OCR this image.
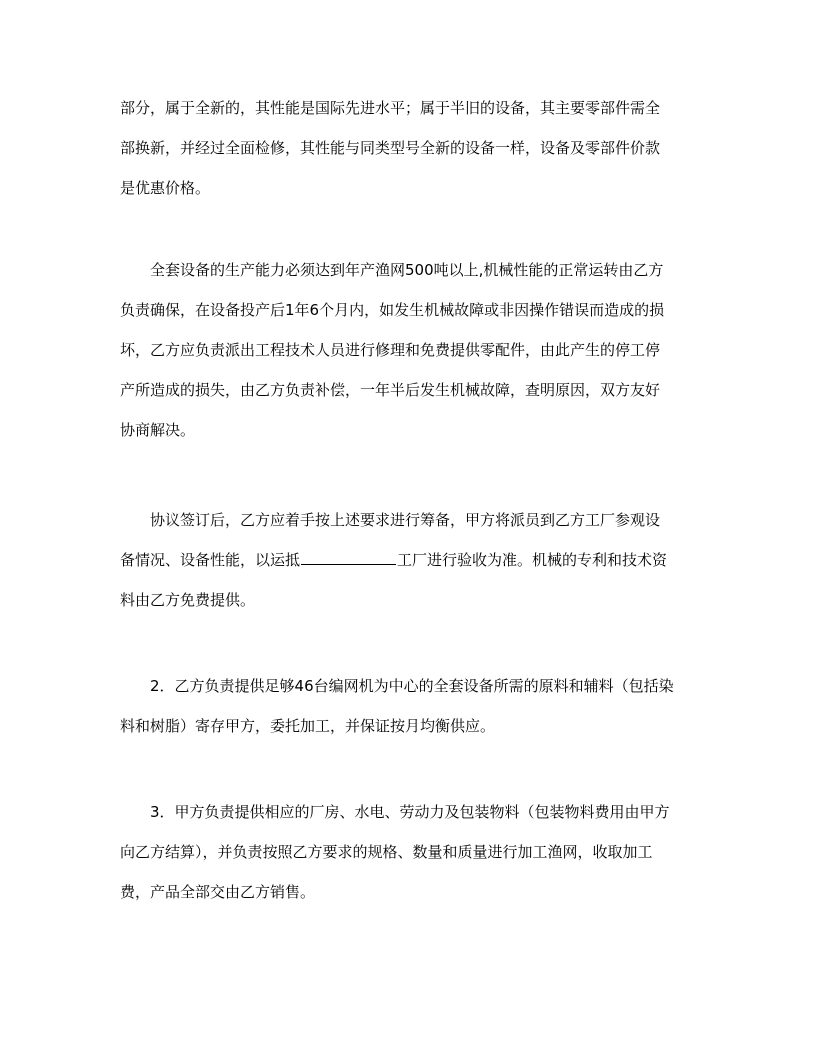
部分，属于全新的，其性能是国际先进水平；属于半旧的设备，其主要零部件需全
部换新，并经过全面检修，其性能与同类型号全新的设备一样，设备及零部件价款
是优惠价格。

全套设备的生产能力必须达到年产渔网500吨以上,机械性能的正常运转由乙方
负责确保，在设备投产后1年6个月内，如发生机械故障或非因操作错误而造成的损
坏，乙方应负责派出工程技术人员进行修理和免费提供零配件，由此产生的停工停
产所造成的损失，由乙方负责补偿，一年半后发生机械故障，查明原因，双方友好
协商解决。

协议签订后，乙方应着手按上述要求进行筹备，甲方将派员到乙方工厂参观设
备情况、设备性能，以运抵	工厂进行验收为准。机械的专利和技术资
料由乙方免费提供。

2．乙方负责提供足够46台编网机为中心的全套设备所需的原料和辅料（包括染
料和树脂）寄存甲方，委托加工，并保证按月均衡供应。

3．甲方负责提供相应的厂房、水电、劳动力及包装物料（包装物料费用由甲方
向乙方结算），并负责按照乙方要求的规格、数量和质量进行加工渔网，收取加工
费，产品全部交由乙方销售。
